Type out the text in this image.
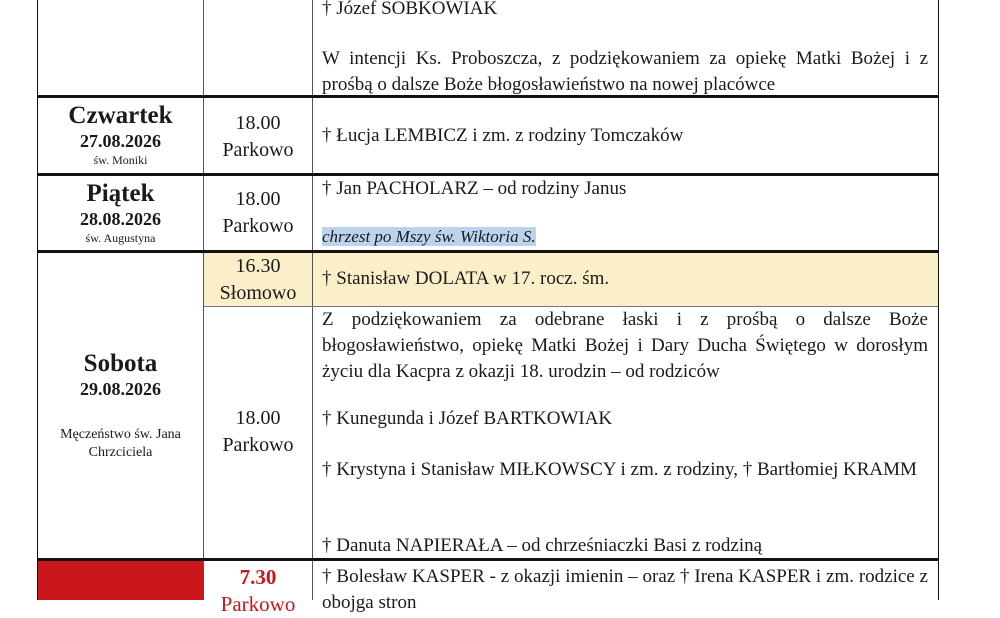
† Józef SOBKOWIAK
W intencji Ks. Proboszcza, z podziękowaniem za opiekę Matki Bożej i z prośbą o dalsze Boże błogosławieństwo na nowej placówce
Czwartek
27.08.2026
św. Moniki
18.00
Parkowo
† Łucja LEMBICZ i zm. z rodziny Tomczaków
Piątek
28.08.2026
św. Augustyna
18.00
Parkowo
† Jan PACHOLARZ – od rodziny Janus
chrzest po Mszy św. Wiktoria S.
Sobota
29.08.2026
Męczeństwo św. Jana Chrzciciela
16.30
Słomowo
† Stanisław DOLATA w 17. rocz. śm.
18.00
Parkowo
Z podziękowaniem za odebrane łaski i z prośbą o dalsze Boże błogosławieństwo, opiekę Matki Bożej i Dary Ducha Świętego w dorosłym życiu dla Kacpra z okazji 18. urodzin – od rodziców
† Kunegunda i Józef BARTKOWIAK
† Krystyna i Stanisław MIŁKOWSCY i zm. z rodziny, † Bartłomiej KRAMM
† Danuta NAPIERAŁA – od chrześniaczki Basi z rodziną
7.30
Parkowo
† Bolesław KASPER - z okazji imienin – oraz † Irena KASPER i zm. rodzice z obojga stron
